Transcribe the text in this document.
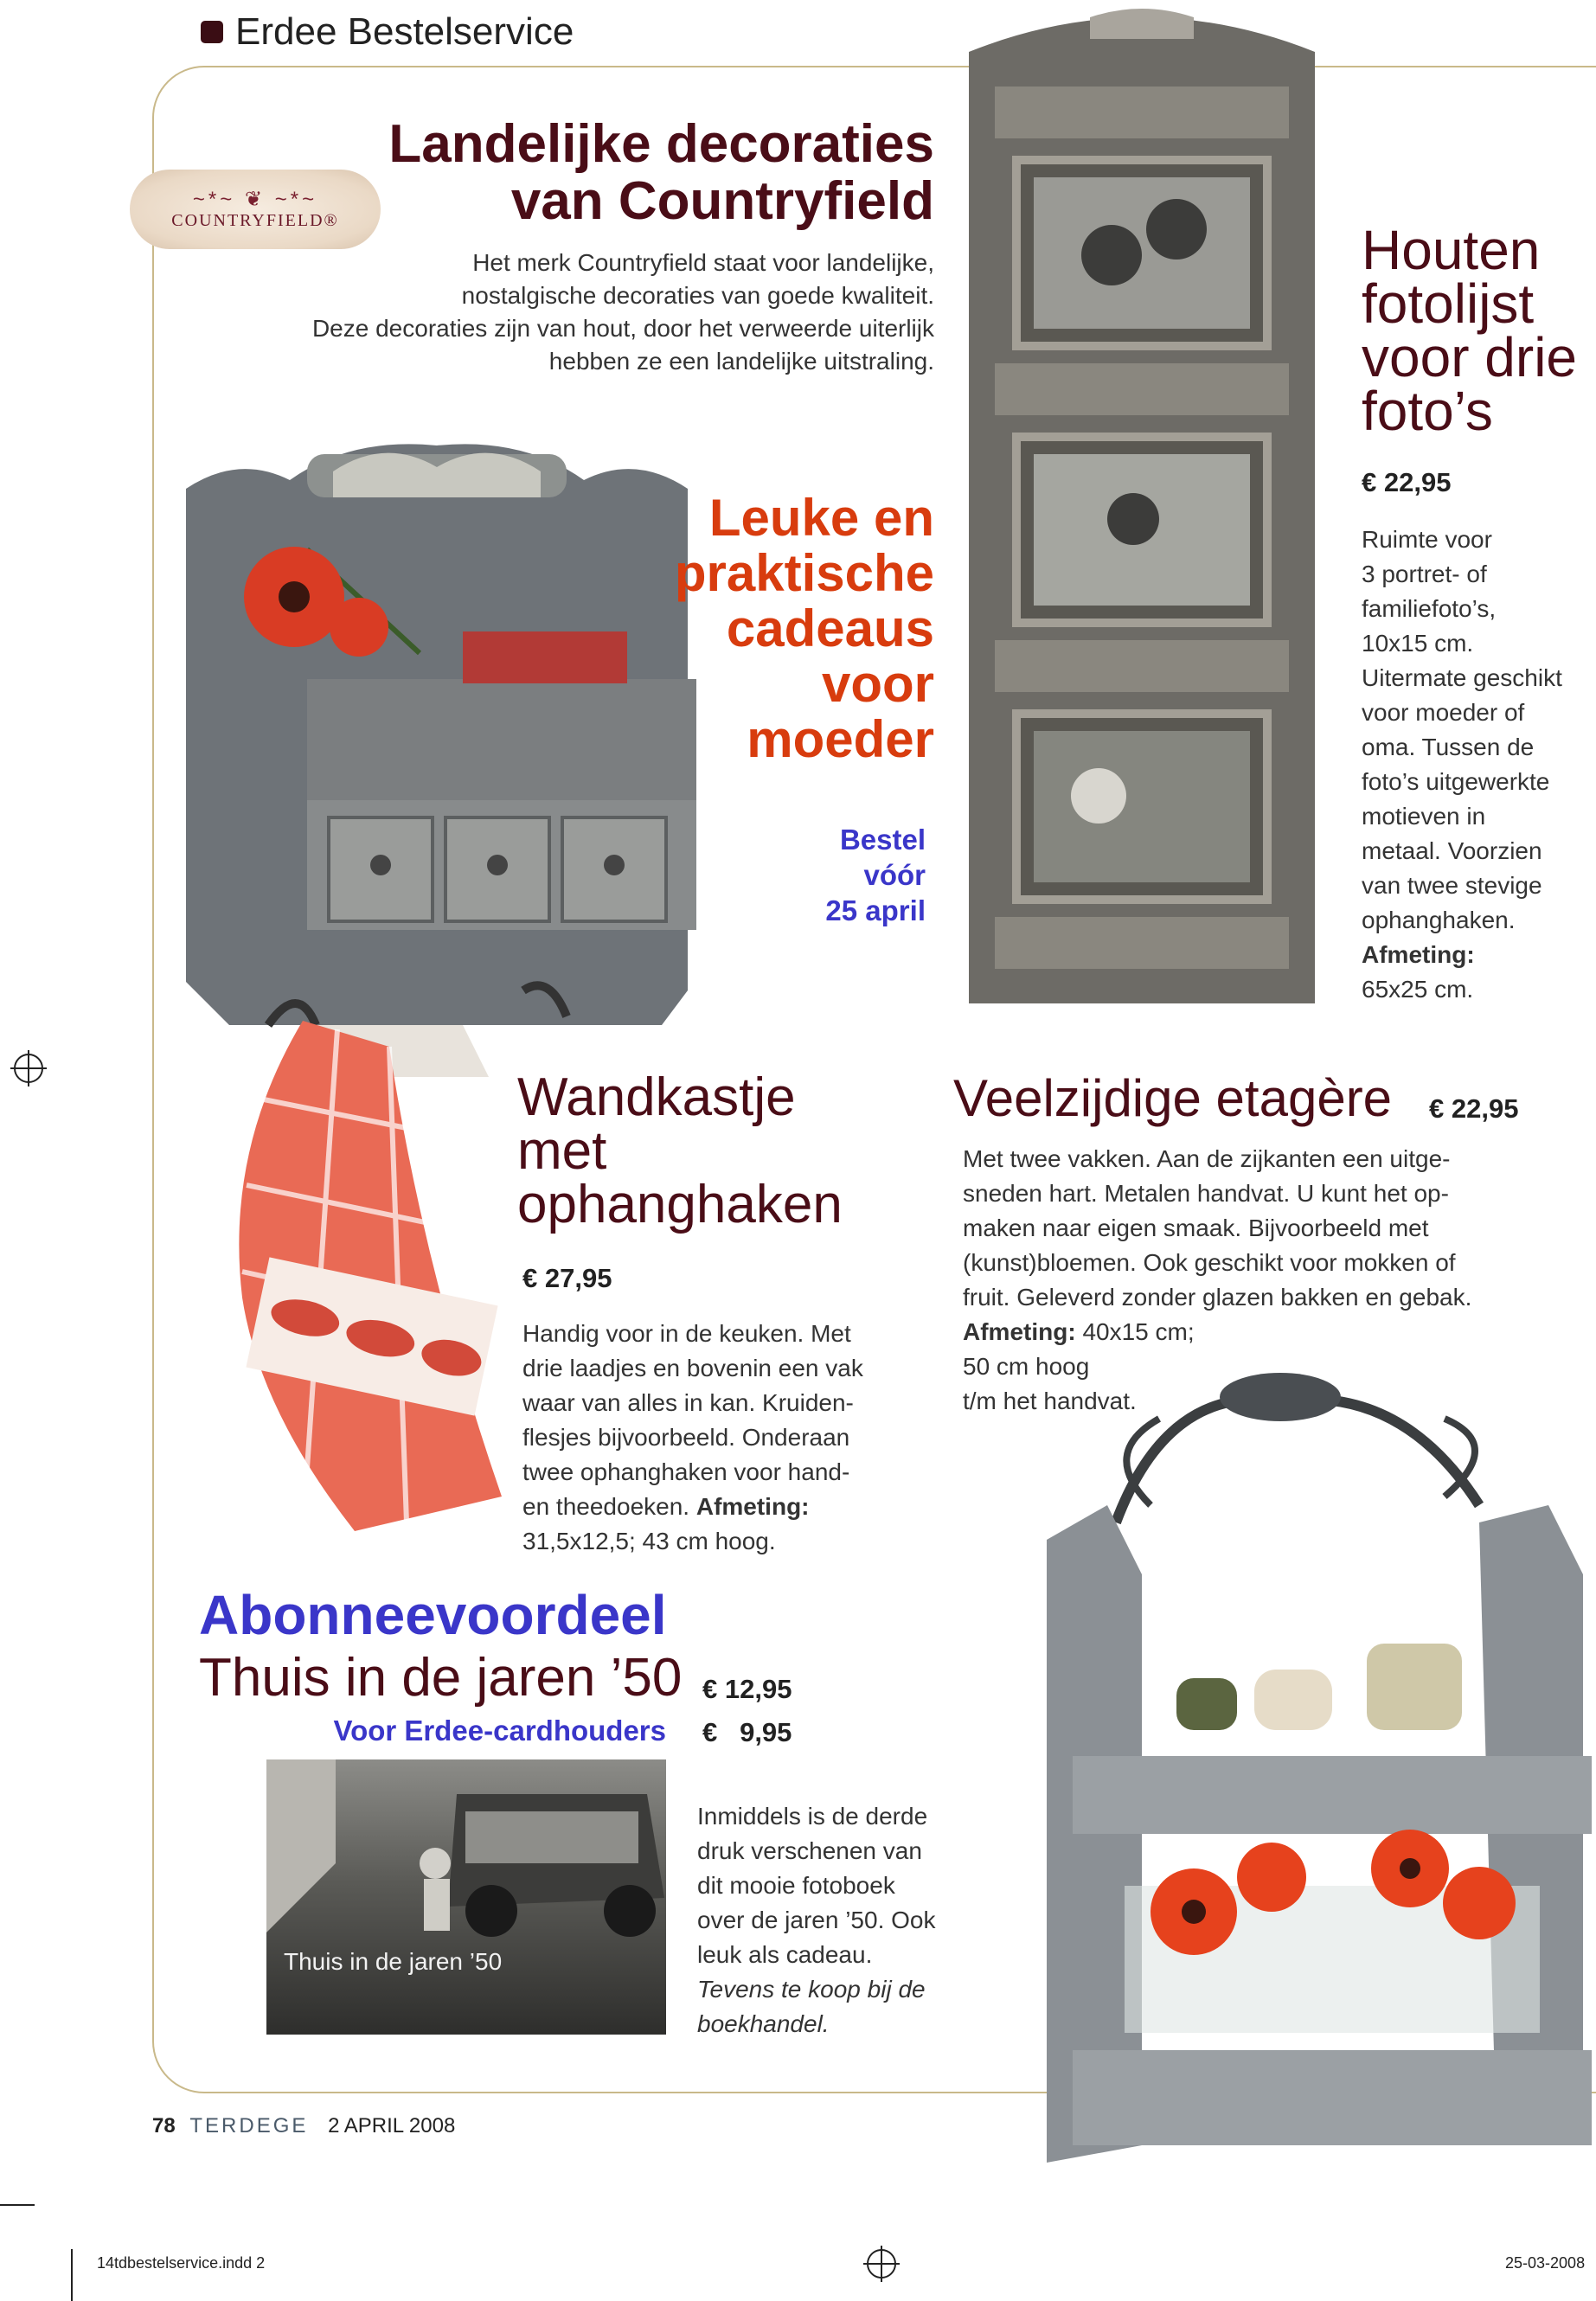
Erdee Bestelservice
~*~ ❦ ~*~
COUNTRYFIELD®
Landelijke decoraties
van Countryfield

Het merk Countryfield staat voor landelijke,
nostalgische decoraties van goede kwaliteit.
Deze decoraties zijn van hout, door het verweerde uiterlijk
hebben ze een landelijke uitstraling.

Leuke en
praktische
cadeaus
voor
moeder

Bestel
vóór
25 april

Houten
fotolijst
voor drie
foto’s

€ 22,95

Ruimte voor
3 portret- of
familiefoto’s,
10x15 cm.
Uitermate geschikt
voor moeder of
oma. Tussen de
foto’s uitgewerkte
motieven in
metaal. Voorzien
van twee stevige
ophanghaken.

Afmeting:

65x25 cm.

Wandkastje
met
ophanghaken

€ 27,95

Handig voor in de keuken. Met
drie laadjes en bovenin een vak
waar van alles in kan. Kruiden-
flesjes bijvoorbeeld. Onderaan
twee ophanghaken voor hand-

en theedoeken. Afmeting:

31,5x12,5; 43 cm hoog.

Veelzijdige etagère	€ 22,95

Met twee vakken. Aan de zijkanten een uitge-
sneden hart. Metalen handvat. U kunt het op-
maken naar eigen smaak. Bijvoorbeeld met
(kunst)bloemen. Ook geschikt voor mokken of
fruit. Geleverd zonder glazen bakken en gebak.

Afmeting: 40x15 cm;

50 cm hoog

t/m het handvat.

Abonneevoordeel
Thuis in de jaren ’50
Voor Erdee-cardhouders
€ 12,95
€   9,95
Thuis in de jaren ’50

Inmiddels is de derde
druk verschenen van
dit mooie fotoboek
over de jaren ’50. Ook
leuk als cadeau.

Tevens te koop bij de

boekhandel.

78 TERDEGE 2 APRIL 2008
14tdbestelservice.indd 2	25-03-2008
